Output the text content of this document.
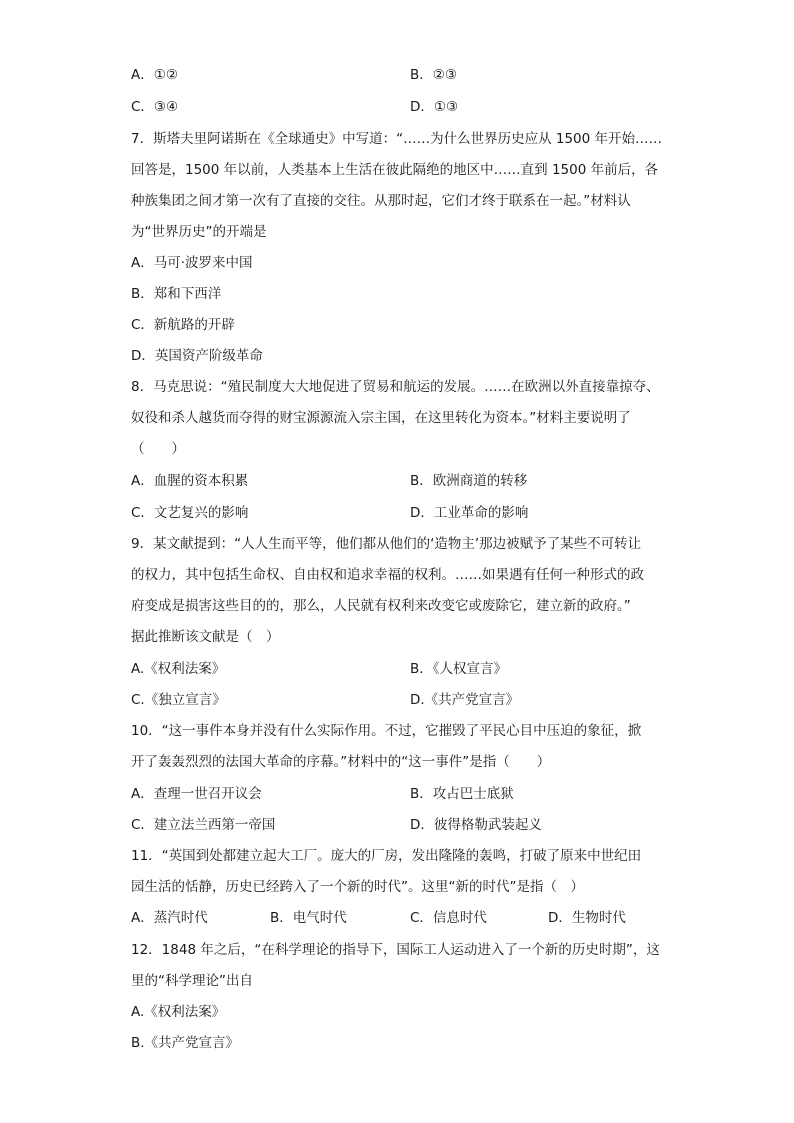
A．①②	B．②③
C．③④	D．①③
7．斯塔夫里阿诺斯在《全球通史》中写道：“……为什么世界历史应从 1500 年开始……
回答是，1500 年以前，人类基本上生活在彼此隔绝的地区中……直到 1500 年前后，各
种族集团之间才第一次有了直接的交往。从那时起，它们才终于联系在一起。”材料认
为“世界历史”的开端是
A．马可·波罗来中国
B．郑和下西洋
C．新航路的开辟
D．英国资产阶级革命
8．马克思说：“殖民制度大大地促进了贸易和航运的发展。……在欧洲以外直接靠掠夺、
奴役和杀人越货而夺得的财宝源源流入宗主国，在这里转化为资本。”材料主要说明了
（　　）
A．血腥的资本积累	B．欧洲商道的转移
C．文艺复兴的影响	D．工业革命的影响
9．某文献提到：“人人生而平等，他们都从他们的‘造物主’那边被赋予了某些不可转让
的权力，其中包括生命权、自由权和追求幸福的权利。……如果遇有任何一种形式的政
府变成是损害这些目的的，那么，人民就有权利来改变它或废除它，建立新的政府。”
据此推断该文献是（　）
A.《权利法案》	B．《人权宣言》
C.《独立宣言》	D.《共产党宣言》
10．“这一事件本身并没有什么实际作用。不过，它摧毁了平民心目中压迫的象征，掀
开了轰轰烈烈的法国大革命的序幕。”材料中的“这一事件”是指（　　）
A．查理一世召开议会	B．攻占巴士底狱
C．建立法兰西第一帝国	D．彼得格勒武装起义
11．“英国到处都建立起大工厂。庞大的厂房，发出隆隆的轰鸣，打破了原来中世纪田
园生活的恬静，历史已经跨入了一个新的时代”。这里“新的时代”是指（　）
A．蒸汽时代	B．电气时代	C．信息时代	D．生物时代
12．1848 年之后，“在科学理论的指导下，国际工人运动进入了一个新的历史时期”，这
里的“科学理论”出自
A.《权利法案》
B.《共产党宣言》
